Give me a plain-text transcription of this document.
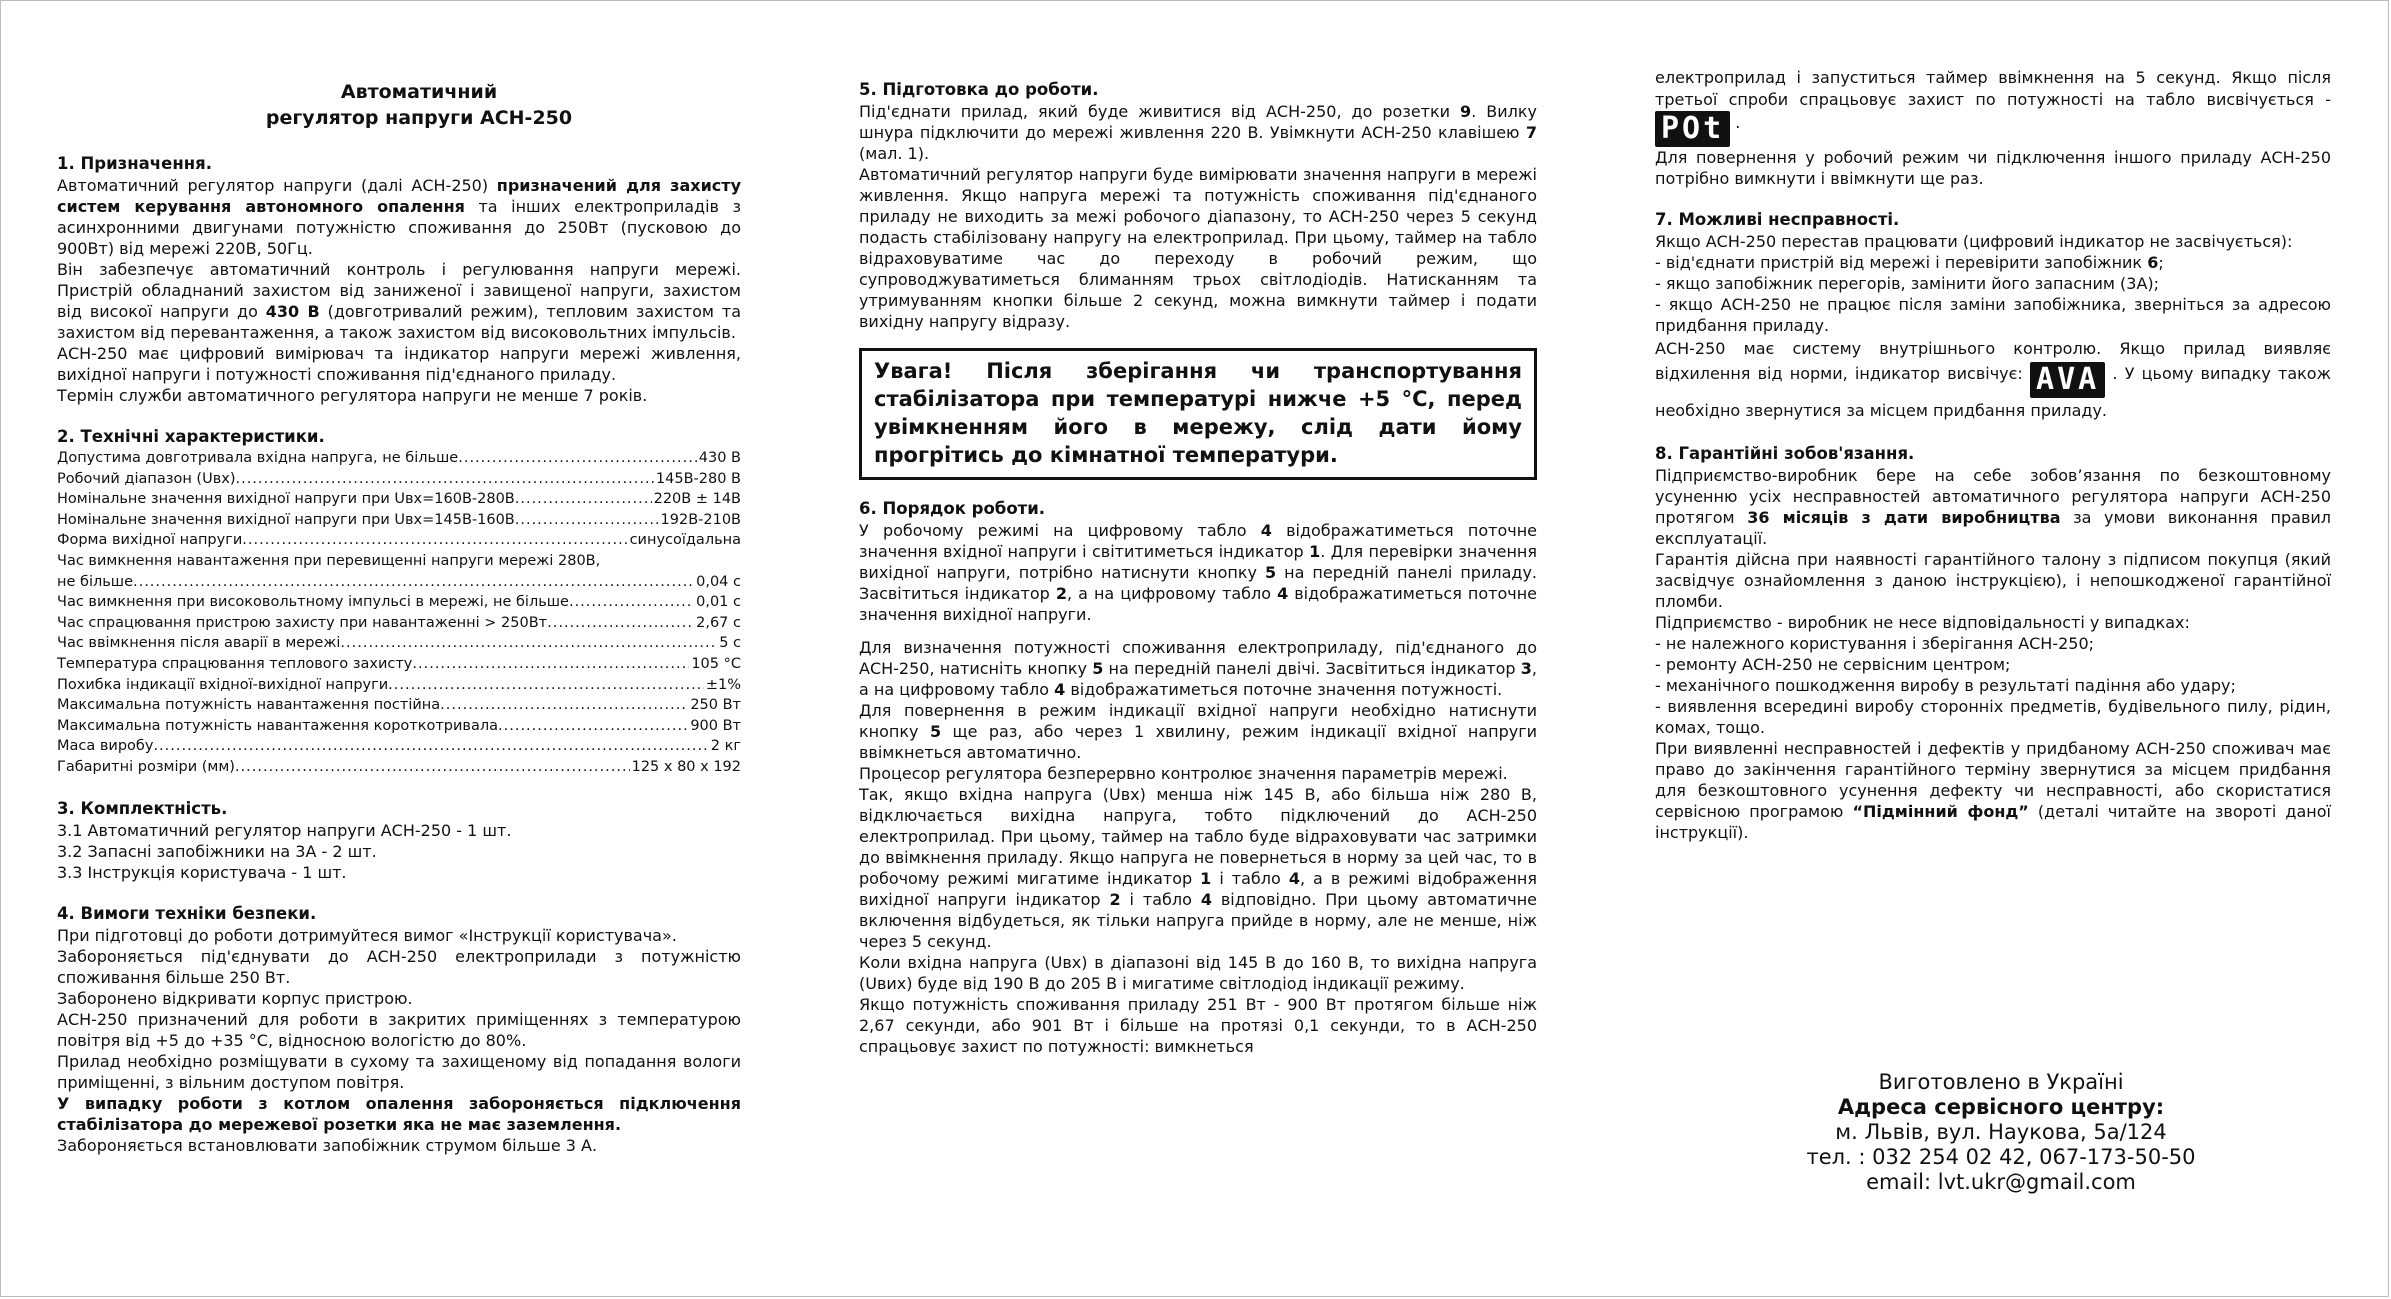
Автоматичний
регулятор напруги АСН-250

1. Призначення.

Автоматичний регулятор напруги (далі АСН-250) призначений для захисту систем керування автономного опалення та інших електроприладів з асинхронними двигунами потужністю споживання до 250Вт (пусковою до 900Вт) від мережі 220В, 50Гц.

Він забезпечує автоматичний контроль і регулювання напруги мережі. Пристрій обладнаний захистом від заниженої і завищеної напруги, захистом від високої напруги до 430 В (довготривалий режим), тепловим захистом та захистом від перевантаження, а також захистом від високовольтних імпульсів.

АСН-250 має цифровий вимірювач та індикатор напруги мережі живлення, вихідної напруги і потужності споживання під'єднаного приладу.

Термін служби автоматичного регулятора напруги не менше 7 років.

2. Технічні характеристики.

Допустима довготривала вхідна напруга, не більше .....	430 В
Робочий діапазон (Uвх) .....	145В-280 В
Номінальне значення вихідної напруги при Uвх=160В-280В .....	220В ± 14В
Номінальне значення вихідної напруги при Uвх=145В-160В .....	192В-210В
Форма вихідної напруги .....	синусоїдальна
Час вимкнення навантаження при перевищенні напруги мережі 280В,
не більше .....	0,04 с
Час вимкнення при високовольтному імпульсі в мережі, не більше .....	0,01 с
Час спрацювання пристрою захисту при навантаженні > 250Вт .....	2,67 с
Час ввімкнення після аварії в мережі .....	5 с
Температура спрацювання теплового захисту .....	105 °С
Похибка індикації вхідної-вихідної напруги .....	±1%
Максимальна потужність навантаження постійна .....	250 Вт
Максимальна потужність навантаження короткотривала .....	900 Вт
Маса виробу .....	2 кг
Габаритні розміри (мм) .....	125 х 80 х 192

3. Комплектність.

3.1 Автоматичний регулятор напруги АСН-250 - 1 шт.

3.2 Запасні запобіжники на 3А - 2 шт.

3.3 Інструкція користувача - 1 шт.

4. Вимоги техніки безпеки.

При підготовці до роботи дотримуйтеся вимог «Інструкції користувача».

Забороняється під'єднувати до АСН-250 електроприлади з потужністю споживання більше 250 Вт.

Заборонено відкривати корпус пристрою.

АСН-250 призначений для роботи в закритих приміщеннях з температурою повітря від +5 до +35 °С, відносною вологістю до 80%.

Прилад необхідно розміщувати в сухому та захищеному від попадання вологи приміщенні, з вільним доступом повітря.

У випадку роботи з котлом опалення забороняється підключення стабілізатора до мережевої розетки яка не має заземлення.

Забороняється встановлювати запобіжник струмом більше 3 А.

5. Підготовка до роботи.

Під'єднати прилад, який буде живитися від АСН-250, до розетки 9. Вилку шнура підключити до мережі живлення 220 В. Увімкнути АСН-250 клавішею 7 (мал. 1).

Автоматичний регулятор напруги буде вимірювати значення напруги в мережі живлення. Якщо напруга мережі та потужність споживання під'єднаного приладу не виходить за межі робочого діапазону, то АСН-250 через 5 секунд подасть стабілізовану напругу на електроприлад. При цьому, таймер на табло відраховуватиме час до переходу в робочий режим, що супроводжуватиметься блиманням трьох світлодіодів. Натисканням та утримуванням кнопки більше 2 секунд, можна вимкнути таймер і подати вихідну напругу відразу.

Увага! Після зберігання чи транспортування стабілізатора при температурі нижче +5 °С, перед увімкненням його в мережу, слід дати йому прогрітись до кімнатної температури.

6. Порядок роботи.

У робочому режимі на цифровому табло 4 відображатиметься поточне значення вхідної напруги і світитиметься індикатор 1. Для перевірки значення вихідної напруги, потрібно натиснути кнопку 5 на передній панелі приладу. Засвітиться індикатор 2, а на цифровому табло 4 відображатиметься поточне значення вихідної напруги.

Для визначення потужності споживання електроприладу, під'єднаного до АСН-250, натисніть кнопку 5 на передній панелі двічі. Засвітиться індикатор 3, а на цифровому табло 4 відображатиметься поточне значення потужності.

Для повернення в режим індикації вхідної напруги необхідно натиснути кнопку 5 ще раз, або через 1 хвилину, режим індикації вхідної напруги ввімкнеться автоматично.

Процесор регулятора безперервно контролює значення параметрів мережі.

Так, якщо вхідна напруга (Uвх) менша ніж 145 В, або більша ніж 280 В, відключається вихідна напруга, тобто підключений до АСН-250 електроприлад. При цьому, таймер на табло буде відраховувати час затримки до ввімкнення приладу. Якщо напруга не повернеться в норму за цей час, то в робочому режимі мигатиме індикатор 1 і табло 4, а в режимі відображення вихідної напруги індикатор 2 і табло 4 відповідно. При цьому автоматичне включення відбудеться, як тільки напруга прийде в норму, але не менше, ніж через 5 секунд.

Коли вхідна напруга (Uвх) в діапазоні від 145 В до 160 В, то вихідна напруга (Uвих) буде від 190 В до 205 В і мигатиме світлодіод індикації режиму.

Якщо потужність споживання приладу 251 Вт - 900 Вт протягом більше ніж 2,67 секунди, або 901 Вт і більше на протязі 0,1 секунди, то в АСН-250 спрацьовує захист по потужності: вимкнеться

електроприлад і запуститься таймер ввімкнення на 5 секунд. Якщо після третьої спроби спрацьовує захист по потужності на табло висвічується - POt .

Для повернення у робочий режим чи підключення іншого приладу АСН-250 потрібно вимкнути і ввімкнути ще раз.

7. Можливі несправності.

Якщо АСН-250 перестав працювати (цифровий індикатор не засвічується):

- від'єднати пристрій від мережі і перевірити запобіжник 6;

- якщо запобіжник перегорів, замінити його запасним (3А);

- якщо АСН-250 не працює після заміни запобіжника, зверніться за адресою придбання приладу.

АСН-250 має систему внутрішнього контролю. Якщо прилад виявляє відхилення від норми, індикатор висвічує: AVA . У цьому випадку також необхідно звернутися за місцем придбання приладу.

8. Гарантійні зобов'язання.

Підприємство-виробник бере на себе зобов’язання по безкоштовному усуненню усіх несправностей автоматичного регулятора напруги АСН-250 протягом 36 місяців з дати виробництва за умови виконання правил експлуатації.

Гарантія дійсна при наявності гарантійного талону з підписом покупця (який засвідчує ознайомлення з даною інструкцією), і непошкодженої гарантійної пломби.

Підприємство - виробник не несе відповідальності у випадках:

- не належного користування і зберігання АСН-250;

- ремонту АСН-250 не сервісним центром;

- механічного пошкодження виробу в результаті падіння або удару;

- виявлення всередині виробу сторонніх предметів, будівельного пилу, рідин, комах, тощо.

При виявленні несправностей і дефектів у придбаному АСН-250 споживач має право до закінчення гарантійного терміну звернутися за місцем придбання для безкоштовного усунення дефекту чи несправності, або скористатися сервісною програмою “Підмінний фонд” (деталі читайте на звороті даної інструкції).

Виготовлено в Україні
Адреса сервісного центру:
м. Львів, вул. Наукова, 5а/124
тел. : 032 254 02 42, 067-173-50-50
email: lvt.ukr@gmail.com
